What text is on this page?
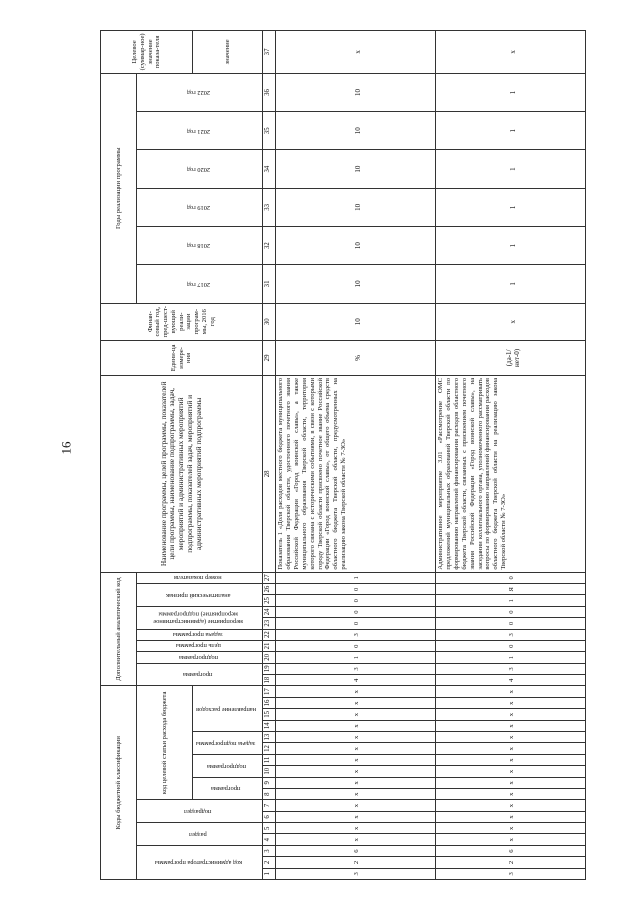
16
Коды бюджетной классификации																	Дополнительный аналитический код										Наименование программы, целей программы, показателей цели программы, наименование подпрограммы, задач, мероприятий и административных мероприятий подпрограммы, показателей задач, мероприятий и административных мероприятий подпрограммы	Едини-ца измере-ния	Финан-совый год, пред-шест-вующий реали-зации програм-мы, 2016 год	Годы реализации программы						Целевое (суммар-ное) значение показа-теля
код администратора программы			раздел		подраздел		код целевой статьи расхода бюджета										программа		подпрограмма	цель программы	задача программы	мероприятие (административное мероприятие) подпрограммы		аналитический признак		номер показателя				2017 год	2018 год	2019 год	2020 год	2021 год	2022 год	
							программа		подпрограмма		задача подпрограммы		направление расходов																							значение
1	2	3	4	5	6	7	8	9	10	11	12	13	14	15	16	17	18	19	20	21	22	23	24	25	26	27	28	29	30	31	32	33	34	35	36	37
3	2	6	x	x	x	x	x	x	x	x	x	x	x	x	x	x	4	3	1	0	3	0	0	0	0	1	Показатель 1 «Доля расходов местного бюджета муниципального образования Тверской области, удостоенного почетного звания Российской Федерации «Город воинской славы», а также муниципального образования Тверской области, территория которого связана с историческими событиями, в связи с которыми городу Тверской области присвоено почетное звание Российской Федерации «Город воинской славы», от общего объема средств областного бюджета Тверской области, предусмотренных на реализацию закона Тверской области № 7-ЗО»	%	10	10	10	10	10	10	10	x
3	2	6	x	x	x	x	x	x	x	x	x	x	x	x	x	x	4	3	1	0	3	0	0	1	Я	0	Административное мероприятие 3.01 «Рассмотрение ОМС предложений муниципальных образований Тверской области по формированию направлений финансирования расходов областного бюджета Тверской области, связанных с присвоением почетного звания Российской Федерации «Город воинской славы», на заседании коллегиального органа, уполномоченного рассматривать вопросы по формированию направлений финансирования расходов областного бюджета Тверской области на реализацию закона Тверской области № 7-ЗО»	(да-1/ нет-0)	x	1	1	1	1	1	1	x
